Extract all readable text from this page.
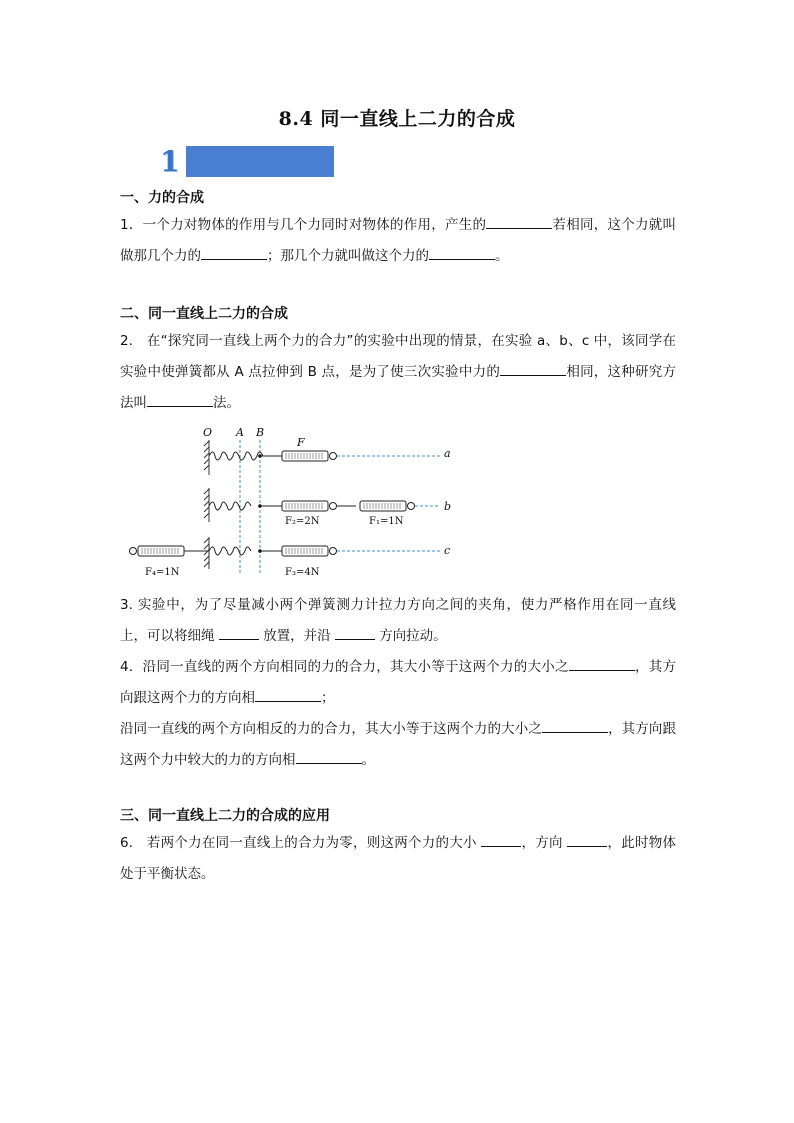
8.4 同一直线上二力的合成
1
一、力的合成
1．一个力对物体的作用与几个力同时对物体的作用，产生的	若相同，这个力就叫做那几个力的	；那几个力就叫做这个力的	。
二、同一直线上二力的合成
2.　在“探究同一直线上两个力的合力”的实验中出现的情景，在实验 a、b、c 中，该同学在实验中使弹簧都从 A 点拉伸到 B 点，是为了使三次实验中力的	相同，这种研究方法叫	法。
O A B
F
a
b
c
F₂=2N	F₁=1N
F₄=1N	F₃=4N
3. 实验中，为了尽量减小两个弹簧测力计拉力方向之间的夹角，使力严格作用在同一直线上，可以将细绳	放置，并沿	方向拉动。
4．沿同一直线的两个方向相同的力的合力，其大小等于这两个力的大小之	，其方向跟这两个力的方向相	；
沿同一直线的两个方向相反的力的合力，其大小等于这两个力的大小之	，其方向跟这两个力中较大的力的方向相	。
三、同一直线上二力的合成的应用
6.　若两个力在同一直线上的合力为零，则这两个力的大小	，方向	，此时物体处于平衡状态。
